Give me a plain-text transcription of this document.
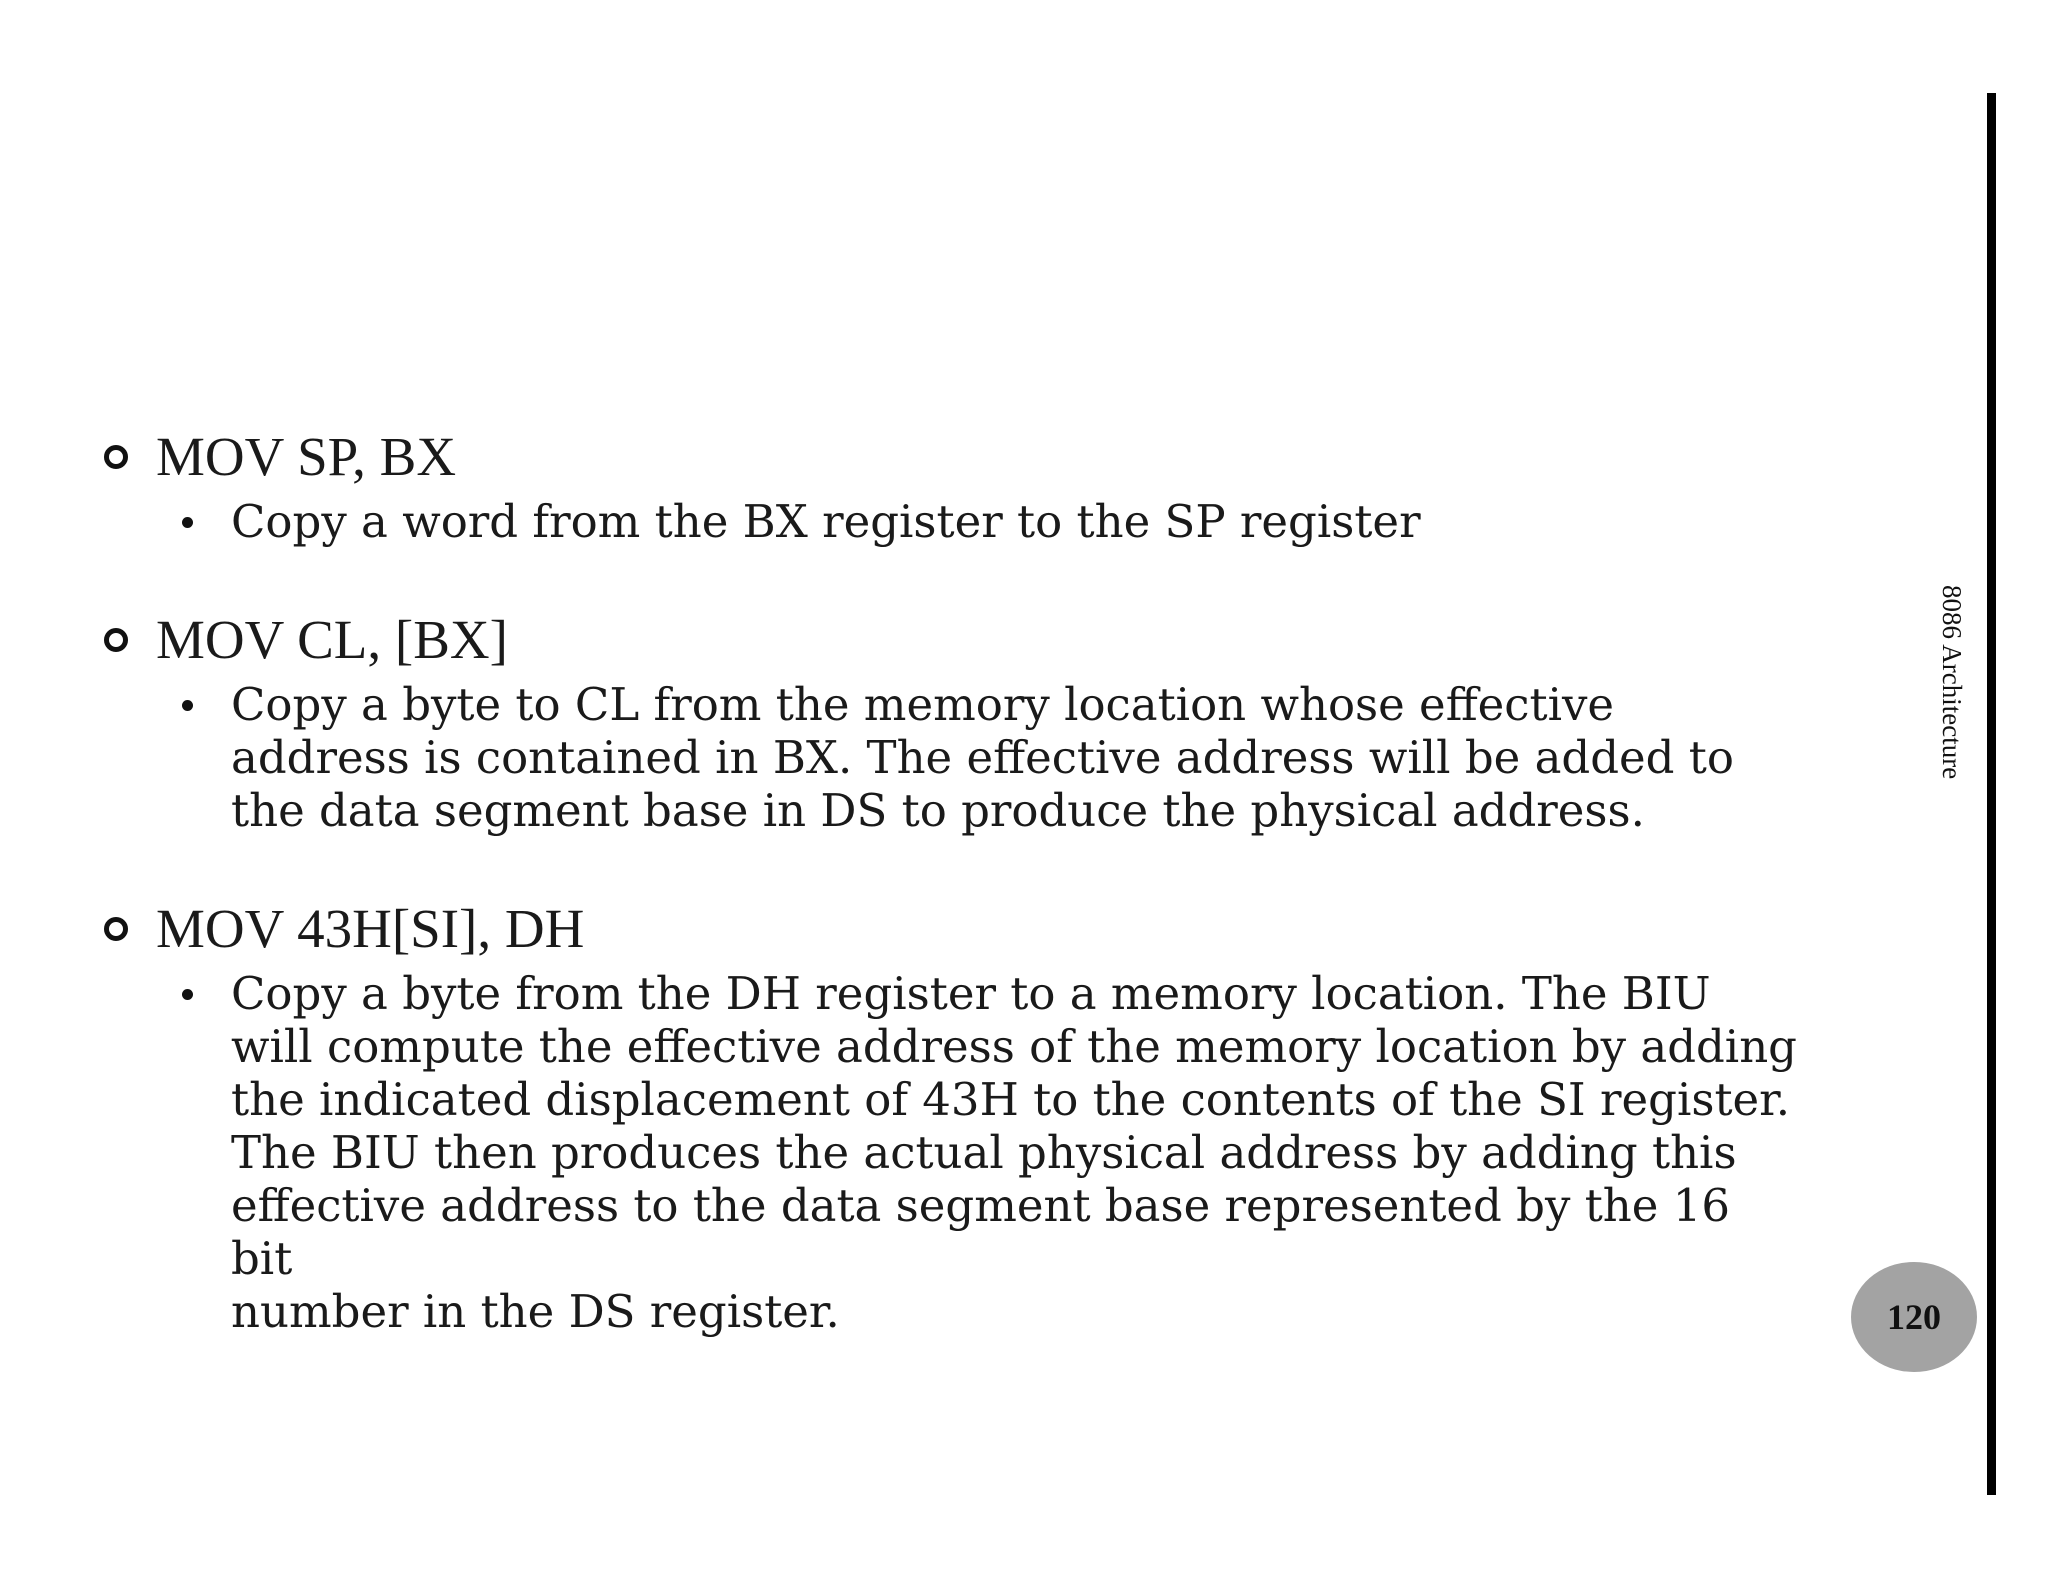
MOV SP, BX
Copy a word from the BX register to the SP register
MOV CL, [BX]
Copy a byte to CL from the memory location whose effective
address is contained in BX. The effective address will be added to
the data segment base in DS to produce the physical address.
MOV 43H[SI], DH
Copy a byte from the DH register to a memory location. The BIU
will compute the effective address of the memory location by adding
the indicated displacement of 43H to the contents of the SI register.
The BIU then produces the actual physical address by adding this
effective address to the data segment base represented by the 16 bit
number in the DS register.
8086 Architecture
120
